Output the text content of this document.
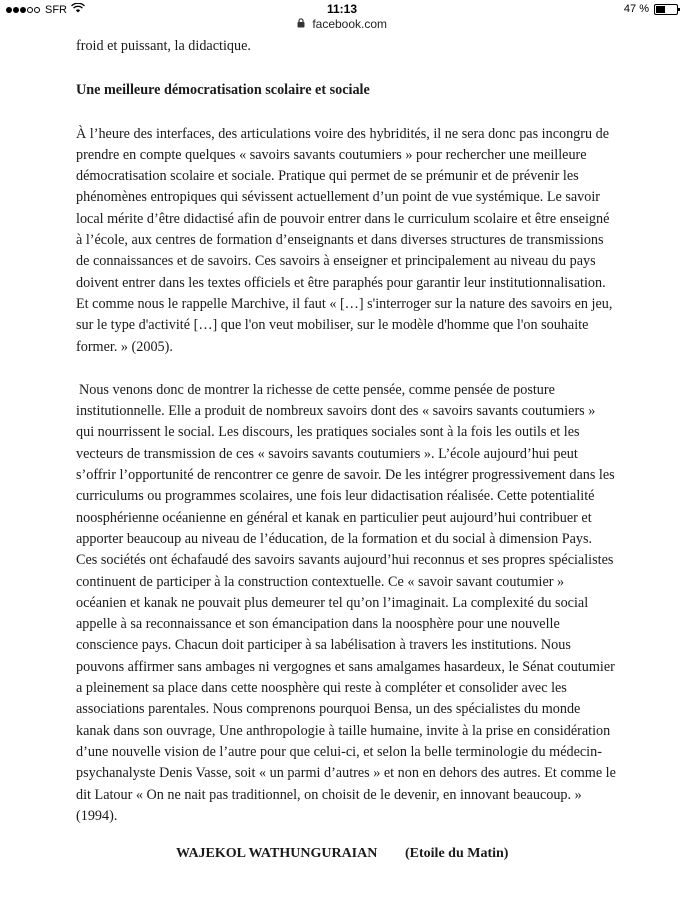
SFR	11:13	47 %
facebook.com

froid et puissant, la didactique.

Une meilleure démocratisation scolaire et sociale

À l’heure des interfaces, des articulations voire des hybridités, il ne sera donc pas incongru de prendre en compte quelques « savoirs savants coutumiers » pour rechercher une meilleure démocratisation scolaire et sociale. Pratique qui permet de se prémunir et de prévenir les phénomènes entropiques qui sévissent actuellement d’un point de vue systémique. Le savoir local mérite d’être didactisé afin de pouvoir entrer dans le curriculum scolaire et être enseigné à l’école, aux centres de formation d’enseignants et dans diverses structures de transmissions de connaissances et de savoirs. Ces savoirs à enseigner et principalement au niveau du pays doivent entrer dans les textes officiels et être paraphés pour garantir leur institutionnalisation. Et comme nous le rappelle Marchive, il faut « […] s'interroger sur la nature des savoirs en jeu, sur le type d'activité […] que l'on veut mobiliser, sur le modèle d'homme que l'on souhaite former. » (2005).

Nous venons donc de montrer la richesse de cette pensée, comme pensée de posture institutionnelle. Elle a produit de nombreux savoirs dont des « savoirs savants coutumiers » qui nourrissent le social. Les discours, les pratiques sociales sont à la fois les outils et les vecteurs de transmission de ces « savoirs savants coutumiers ». L’école aujourd’hui peut s’offrir l’opportunité de rencontrer ce genre de savoir. De les intégrer progressivement dans les curriculums ou programmes scolaires, une fois leur didactisation réalisée. Cette potentialité noosphérienne océanienne en général et kanak en particulier peut aujourd’hui contribuer et apporter beaucoup au niveau de l’éducation, de la formation et du social à dimension Pays. Ces sociétés ont échafaudé des savoirs savants aujourd’hui reconnus et ses propres spécialistes continuent de participer à la construction contextuelle. Ce « savoir savant coutumier » océanien et kanak ne pouvait plus demeurer tel qu’on l’imaginait. La complexité du social appelle à sa reconnaissance et son émancipation dans la noosphère pour une nouvelle conscience pays. Chacun doit participer à sa labélisation à travers les institutions. Nous pouvons affirmer sans ambages ni vergognes et sans amalgames hasardeux, le Sénat coutumier a pleinement sa place dans cette noosphère qui reste à compléter et consolider avec les associations parentales. Nous comprenons pourquoi Bensa, un des spécialistes du monde kanak dans son ouvrage, Une anthropologie à taille humaine, invite à la prise en considération d’une nouvelle vision de l’autre pour que celui-ci, et selon la belle terminologie du médecin-psychanalyste Denis Vasse, soit « un parmi d’autres » et non en dehors des autres. Et comme le dit Latour « On ne nait pas traditionnel, on choisit de le devenir, en innovant beaucoup. » (1994).

WAJEKOL WATHUNGURAIAN (Etoile du Matin)
